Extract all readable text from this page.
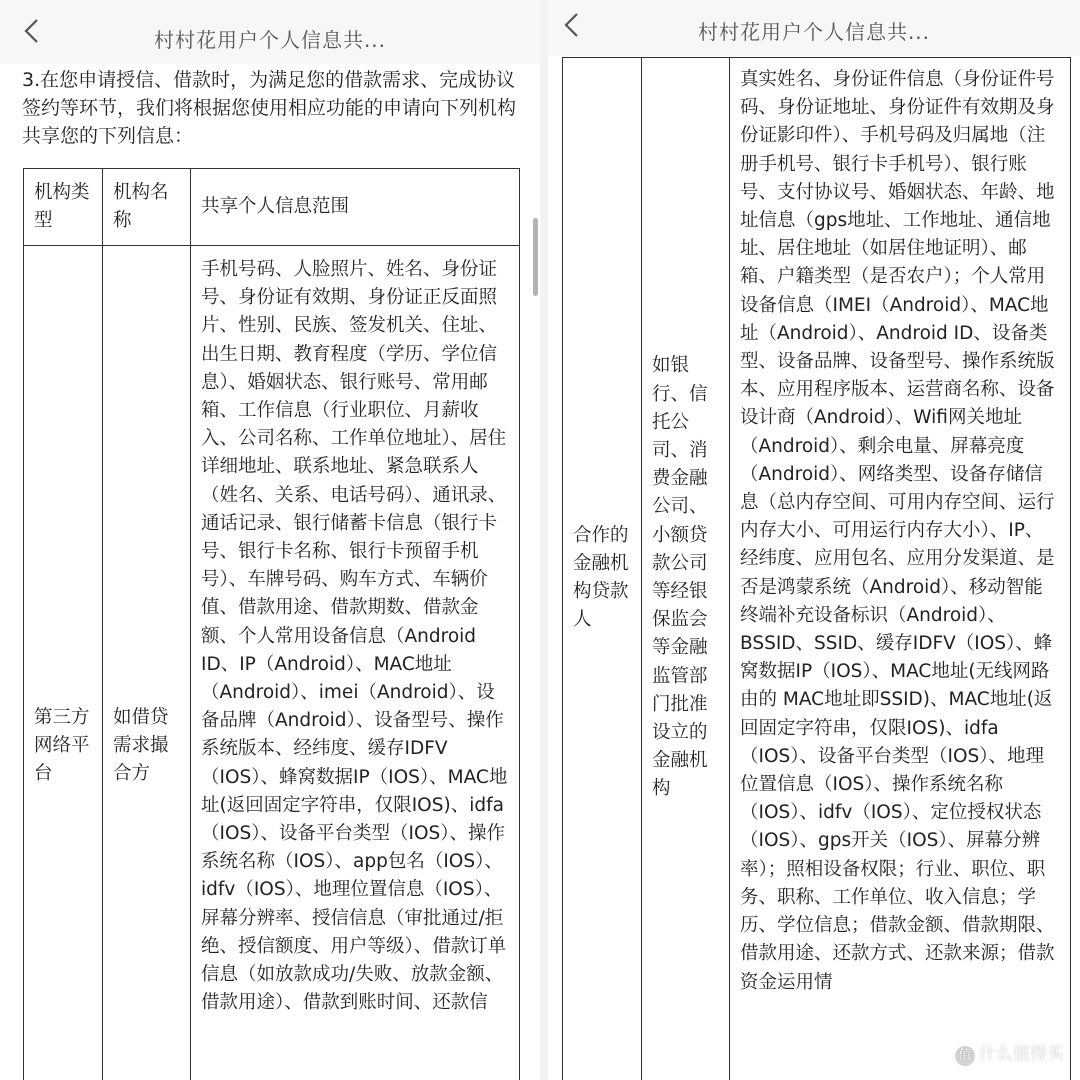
村村花用户个人信息共...

3.在您申请授信、借款时，为满足您的借款需求、完成协议签约等环节，我们将根据您使用相应功能的申请向下列机构共享您的下列信息：

机构类型	机构名称	共享个人信息范围
第三方网络平台	如借贷需求撮合方	手机号码、人脸照片、姓名、身份证号、身份证有效期、身份证正反面照片、性别、民族、签发机关、住址、出生日期、教育程度（学历、学位信息）、婚姻状态、银行账号、常用邮箱、工作信息（行业职位、月薪收入、公司名称、工作单位地址）、居住详细地址、联系地址、紧急联系人（姓名、关系、电话号码）、通讯录、通话记录、银行储蓄卡信息（银行卡号、银行卡名称、银行卡预留手机号）、车牌号码、购车方式、车辆价值、借款用途、借款期数、借款金额、个人常用设备信息（Android ID、IP（Android）、MAC地址（Android）、imei（Android）、设备品牌（Android）、设备型号、操作系统版本、经纬度、缓存IDFV（IOS）、蜂窝数据IP（IOS）、MAC地址(返回固定字符串，仅限IOS)、idfa（IOS）、设备平台类型（IOS）、操作系统名称（IOS）、app包名（IOS）、idfv（IOS）、地理位置信息（IOS）、屏幕分辨率、授信信息（审批通过/拒绝、授信额度、用户等级）、借款订单信息（如放款成功/失败、放款金额、借款用途）、借款到账时间、还款信
村村花用户个人信息共...
合作的金融机构贷款人	如银行、信托公司、消费金融公司、小额贷款公司等经银保监会等金融监管部门批准设立的金融机构	真实姓名、身份证件信息（身份证件号码、身份证地址、身份证件有效期及身份证影印件）、手机号码及归属地（注册手机号、银行卡手机号）、银行账号、支付协议号、婚姻状态、年龄、地址信息（gps地址、工作地址、通信地址、居住地址（如居住地证明）、邮箱、户籍类型（是否农户）；个人常用设备信息（IMEI（Android）、MAC地址（Android）、Android ID、设备类型、设备品牌、设备型号、操作系统版本、应用程序版本、运营商名称、设备设计商（Android）、Wifi网关地址（Android）、剩余电量、屏幕亮度（Android）、网络类型、设备存储信息（总内存空间、可用内存空间、运行内存大小、可用运行内存大小）、IP、经纬度、应用包名、应用分发渠道、是否是鸿蒙系统（Android）、移动智能终端补充设备标识（Android）、BSSID、SSID、缓存IDFV（IOS）、蜂窝数据IP（IOS）、MAC地址(无线网路由的 MAC地址即SSID)、MAC地址(返回固定字符串，仅限IOS)、idfa（IOS）、设备平台类型（IOS）、地理位置信息（IOS）、操作系统名称（IOS）、idfv（IOS）、定位授权状态（IOS）、gps开关（IOS）、屏幕分辨率）；照相设备权限；行业、职位、职务、职称、工作单位、收入信息；学历、学位信息；借款金额、借款期限、借款用途、还款方式、还款来源；借款资金运用情
值 什么值得买
